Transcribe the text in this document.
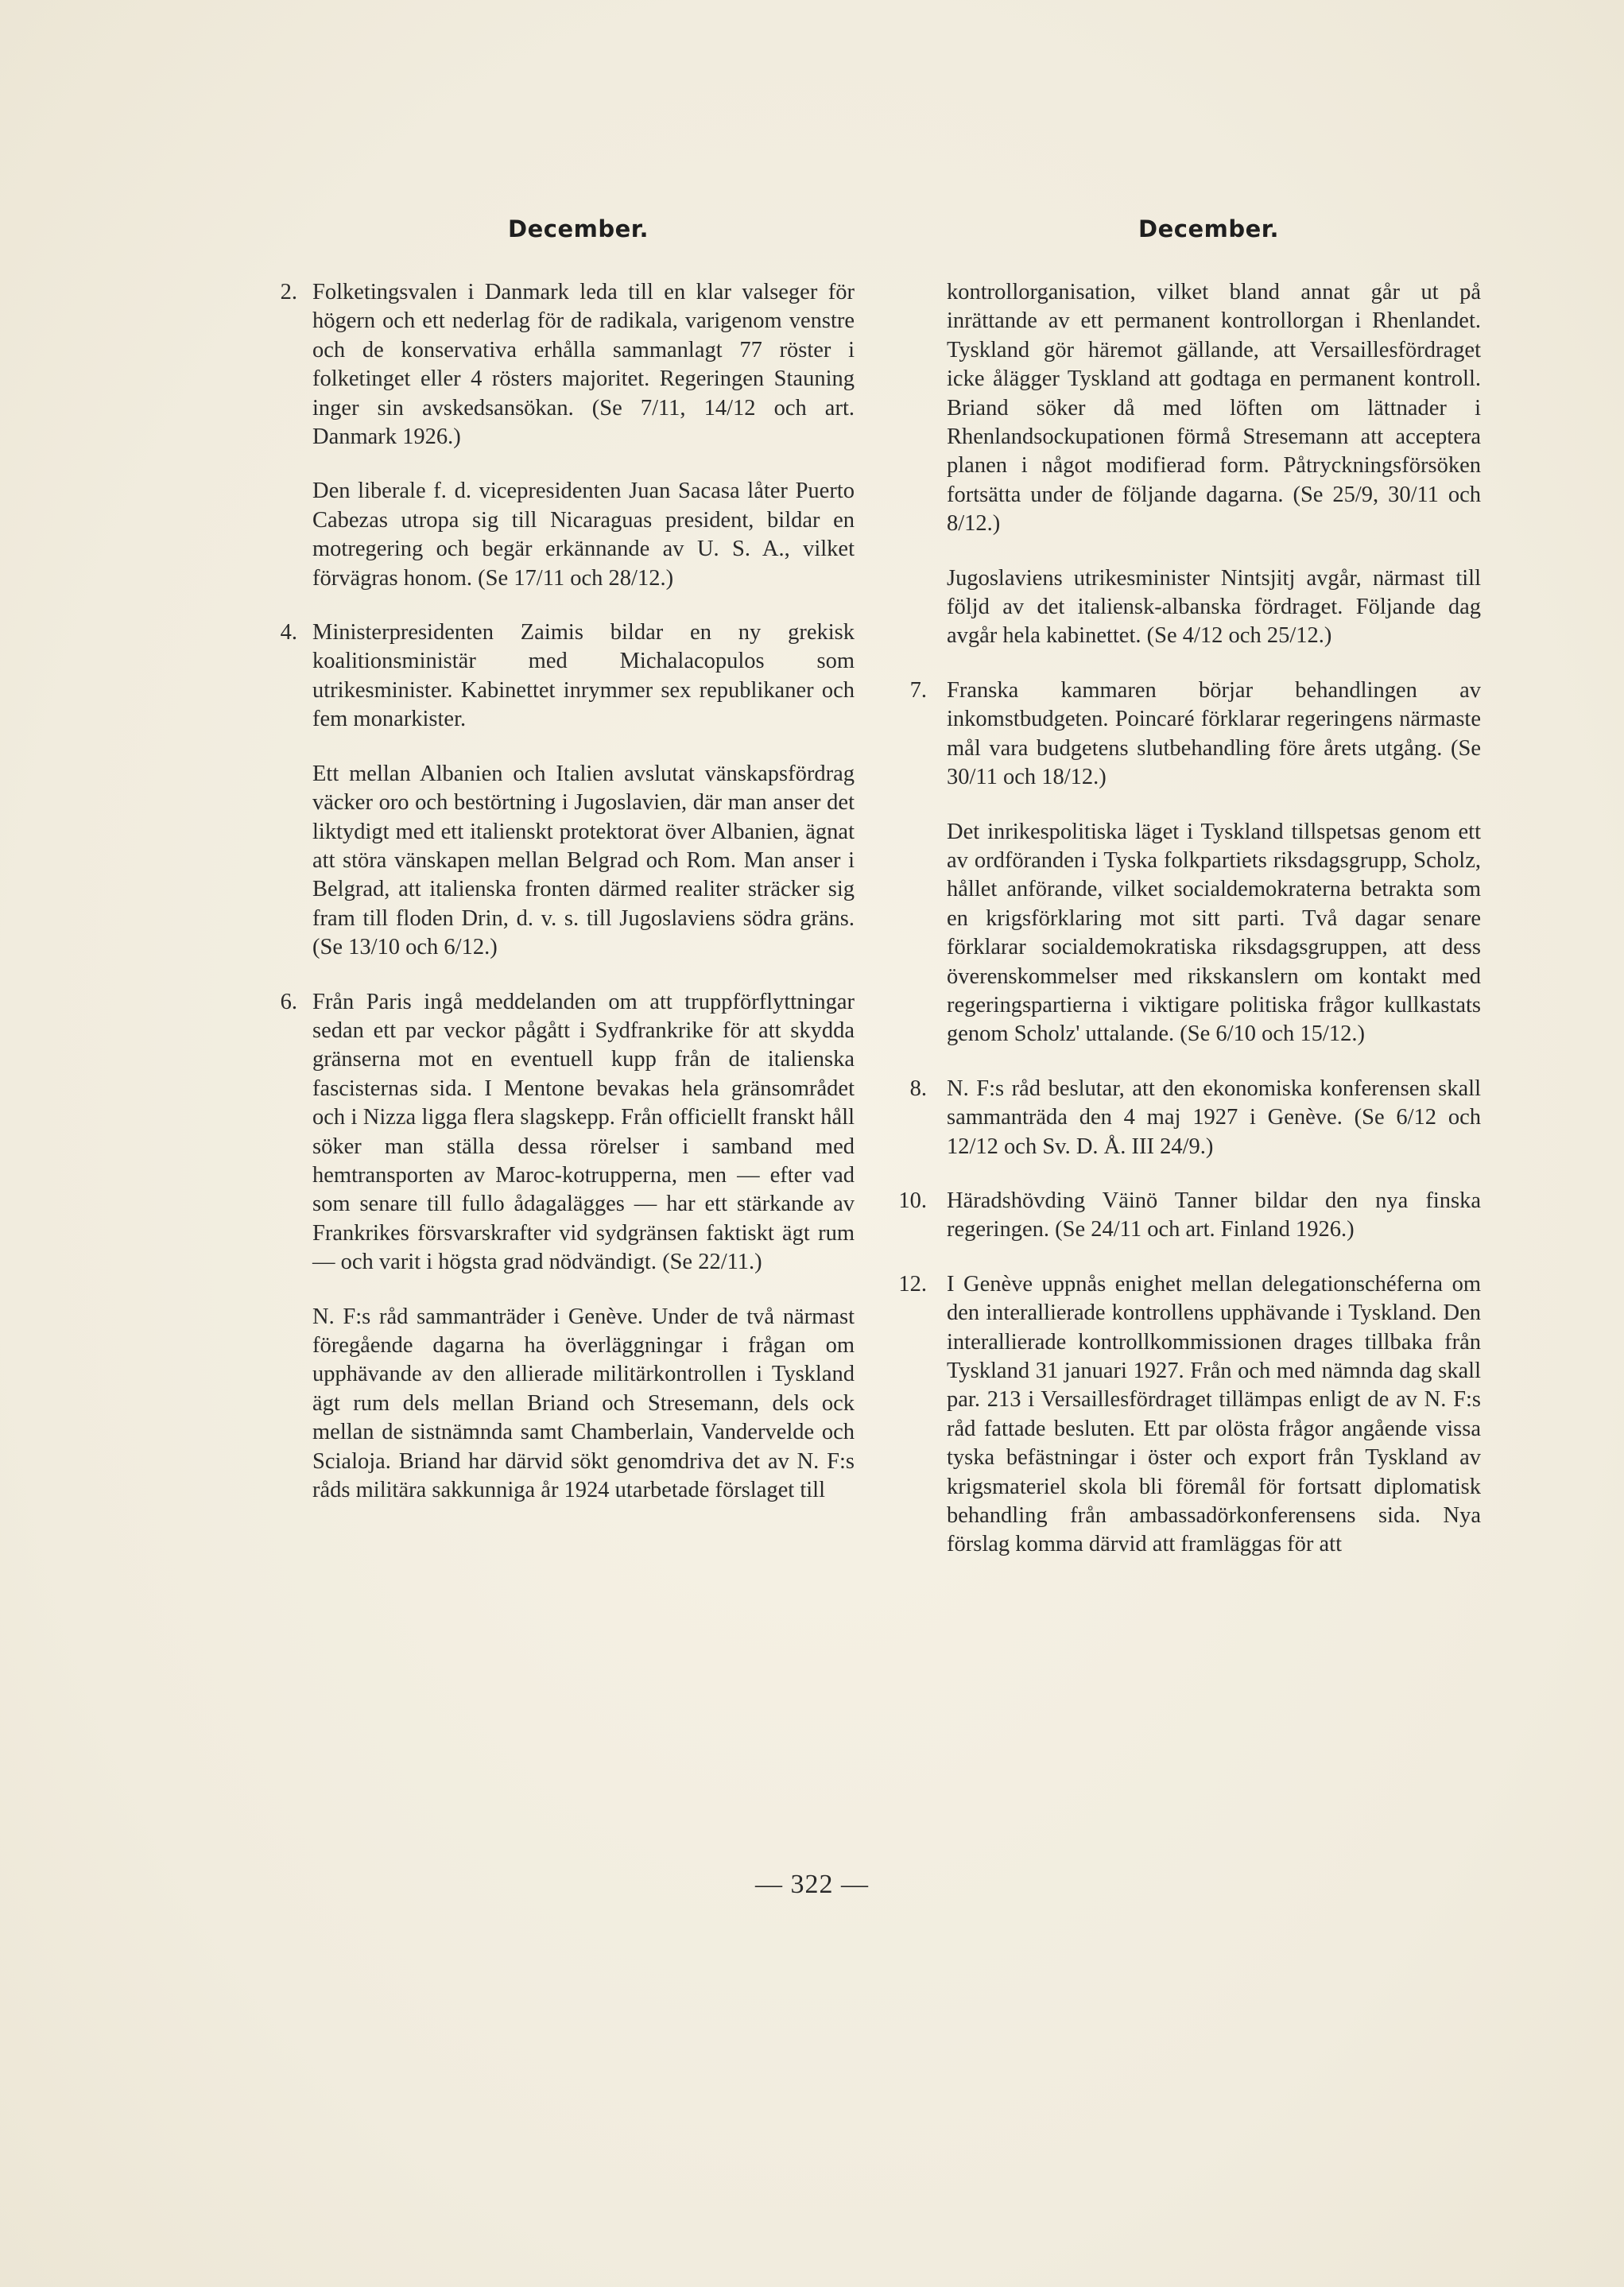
December.
2. Folketingsvalen i Danmark leda till en klar valseger för högern och ett nederlag för de radikala, varigenom venstre och de konservativa erhålla sammanlagt 77 röster i folketinget eller 4 rösters majoritet. Regeringen Stauning inger sin avskedsansökan. (Se 7/11, 14/12 och art. Danmark 1926.)
Den liberale f. d. vicepresidenten Juan Sacasa låter Puerto Cabezas utropa sig till Nicaraguas president, bildar en motregering och begär erkännande av U. S. A., vilket förvägras honom. (Se 17/11 och 28/12.)
4. Ministerpresidenten Zaimis bildar en ny grekisk koalitionsministär med Michalacopulos som utrikesminister. Kabinettet inrymmer sex republikaner och fem monarkister.
Ett mellan Albanien och Italien avslutat vänskapsfördrag väcker oro och bestörtning i Jugoslavien, där man anser det liktydigt med ett italienskt protektorat över Albanien, ägnat att störa vänskapen mellan Belgrad och Rom. Man anser i Belgrad, att italienska fronten därmed realiter sträcker sig fram till floden Drin, d. v. s. till Jugoslaviens södra gräns. (Se 13/10 och 6/12.)
6. Från Paris ingå meddelanden om att truppförflyttningar sedan ett par veckor pågått i Sydfrankrike för att skydda gränserna mot en eventuell kupp från de italienska fascisternas sida. I Mentone bevakas hela gränsområdet och i Nizza ligga flera slagskepp. Från officiellt franskt håll söker man ställa dessa rörelser i samband med hemtransporten av Maroc-kotrupperna, men — efter vad som senare till fullo ådagalägges — har ett stärkande av Frankrikes försvarskrafter vid sydgränsen faktiskt ägt rum — och varit i högsta grad nödvändigt. (Se 22/11.)
N. F:s råd sammanträder i Genève. Under de två närmast föregående dagarna ha överläggningar i frågan om upphävande av den allierade militärkontrollen i Tyskland ägt rum dels mellan Briand och Stresemann, dels ock mellan de sistnämnda samt Chamberlain, Vandervelde och Scialoja. Briand har därvid sökt genomdriva det av N. F:s råds militära sakkunniga år 1924 utarbetade förslaget till
December.
kontrollorganisation, vilket bland annat går ut på inrättande av ett permanent kontrollorgan i Rhenlandet. Tyskland gör häremot gällande, att Versaillesfördraget icke ålägger Tyskland att godtaga en permanent kontroll. Briand söker då med löften om lättnader i Rhenlandsockupationen förmå Stresemann att acceptera planen i något modifierad form. Påtryckningsförsöken fortsätta under de följande dagarna. (Se 25/9, 30/11 och 8/12.)
Jugoslaviens utrikesminister Nintsjitj avgår, närmast till följd av det italiensk-albanska fördraget. Följande dag avgår hela kabinettet. (Se 4/12 och 25/12.)
7. Franska kammaren börjar behandlingen av inkomstbudgeten. Poincaré förklarar regeringens närmaste mål vara budgetens slutbehandling före årets utgång. (Se 30/11 och 18/12.)
Det inrikespolitiska läget i Tyskland tillspetsas genom ett av ordföranden i Tyska folkpartiets riksdagsgrupp, Scholz, hållet anförande, vilket socialdemokraterna betrakta som en krigsförklaring mot sitt parti. Två dagar senare förklarar socialdemokratiska riksdagsgruppen, att dess överenskommelser med rikskanslern om kontakt med regeringspartierna i viktigare politiska frågor kullkastats genom Scholz' uttalande. (Se 6/10 och 15/12.)
8. N. F:s råd beslutar, att den ekonomiska konferensen skall sammanträda den 4 maj 1927 i Genève. (Se 6/12 och 12/12 och Sv. D. Å. III 24/9.)
10. Häradshövding Väinö Tanner bildar den nya finska regeringen. (Se 24/11 och art. Finland 1926.)
12. I Genève uppnås enighet mellan delegationschéferna om den interallierade kontrollens upphävande i Tyskland. Den interallierade kontrollkommissionen drages tillbaka från Tyskland 31 januari 1927. Från och med nämnda dag skall par. 213 i Versaillesfördraget tillämpas enligt de av N. F:s råd fattade besluten. Ett par olösta frågor angående vissa tyska befästningar i öster och export från Tyskland av krigsmateriel skola bli föremål för fortsatt diplomatisk behandling från ambassadörkonferensens sida. Nya förslag komma därvid att framläggas för att
— 322 —
